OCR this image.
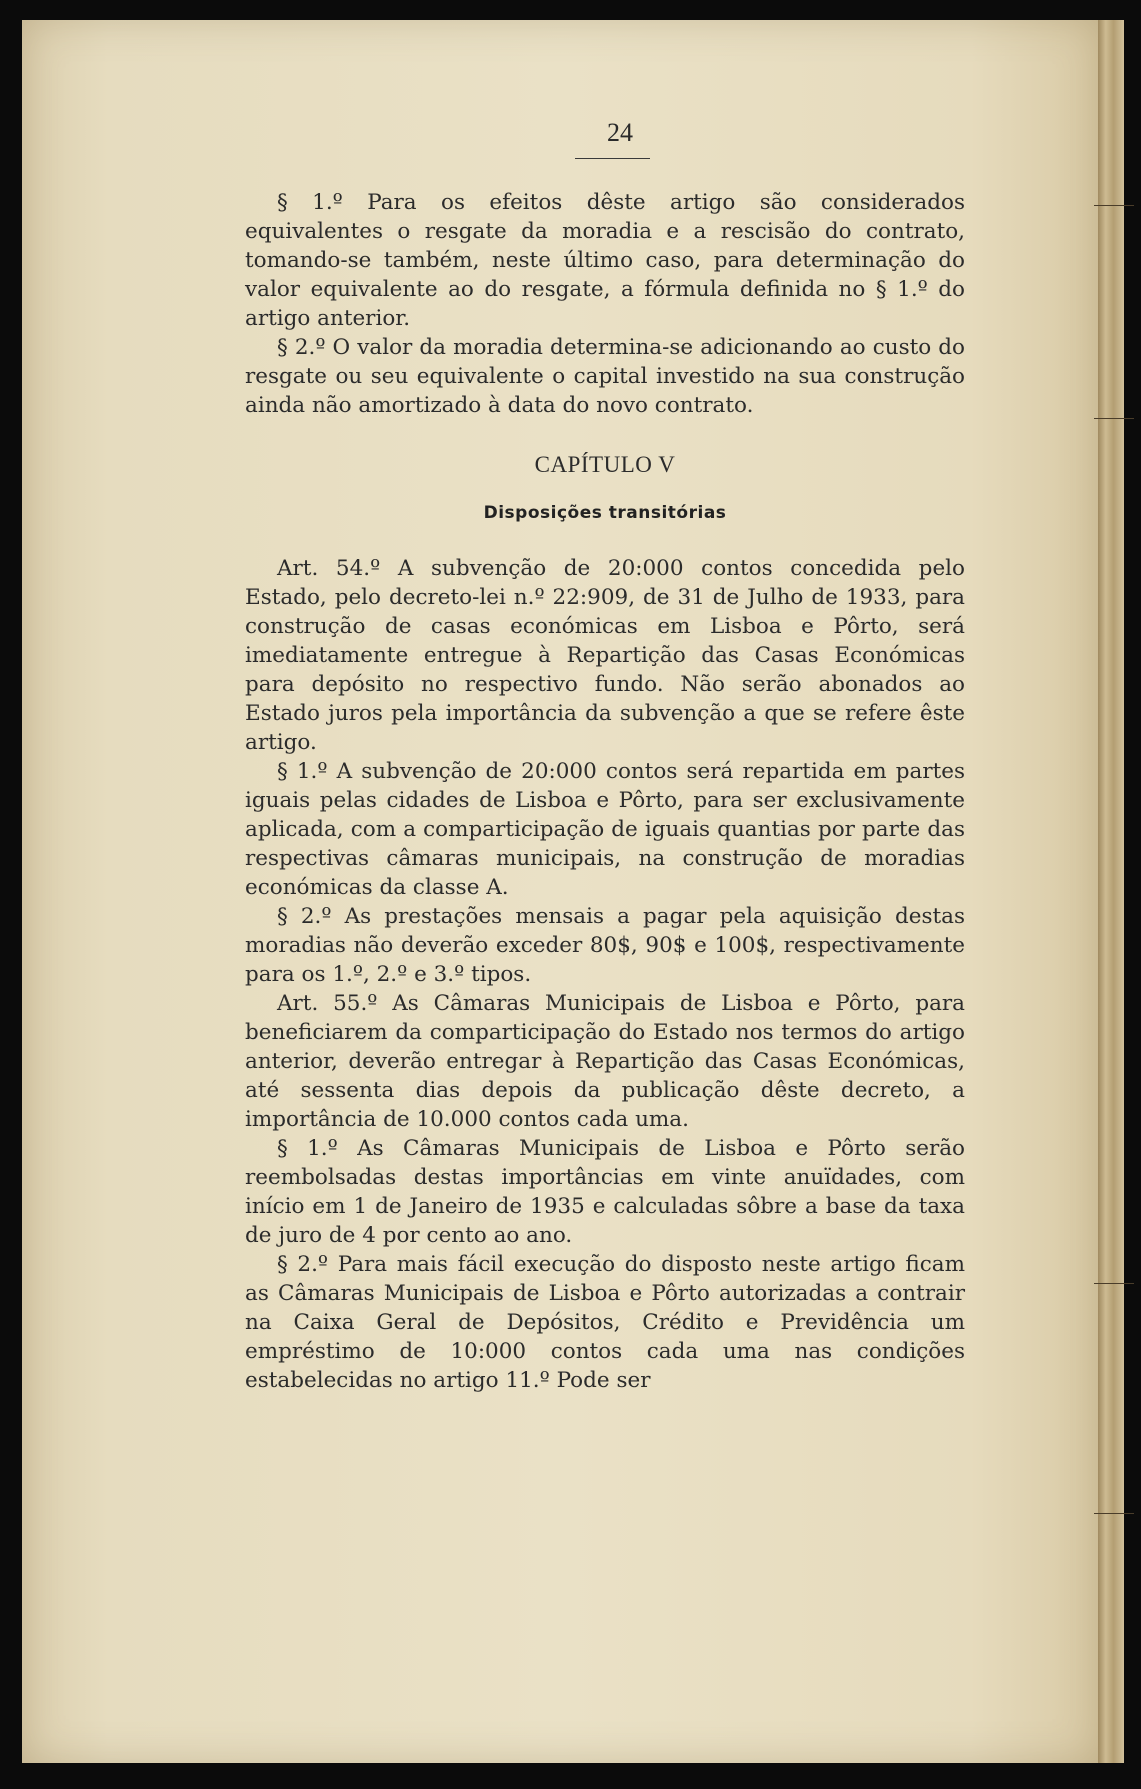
24

§ 1.º Para os efeitos dêste artigo são considerados equivalentes o resgate da moradia e a rescisão do contrato, tomando-se também, neste último caso, para determinação do valor equivalente ao do resgate, a fórmula definida no § 1.º do artigo anterior.

§ 2.º O valor da moradia determina-se adicionando ao custo do resgate ou seu equivalente o capital investido na sua construção ainda não amortizado à data do novo contrato.

CAPÍTULO V
Disposições transitórias

Art. 54.º A subvenção de 20:000 contos concedida pelo Estado, pelo decreto-lei n.º 22:909, de 31 de Julho de 1933, para construção de casas económicas em Lisboa e Pôrto, será imediatamente entregue à Repartição das Casas Económicas para depósito no respectivo fundo. Não serão abonados ao Estado juros pela importância da subvenção a que se refere êste artigo.

§ 1.º A subvenção de 20:000 contos será repartida em partes iguais pelas cidades de Lisboa e Pôrto, para ser exclusivamente aplicada, com a comparticipação de iguais quantias por parte das respectivas câmaras municipais, na construção de moradias económicas da classe A.

§ 2.º As prestações mensais a pagar pela aquisição destas moradias não deverão exceder 80$, 90$ e 100$, respectivamente para os 1.º, 2.º e 3.º tipos.

Art. 55.º As Câmaras Municipais de Lisboa e Pôrto, para beneficiarem da comparticipação do Estado nos termos do artigo anterior, deverão entregar à Repartição das Casas Económicas, até sessenta dias depois da publicação dêste decreto, a importância de 10.000 contos cada uma.

§ 1.º As Câmaras Municipais de Lisboa e Pôrto serão reembolsadas destas importâncias em vinte anuïdades, com início em 1 de Janeiro de 1935 e calculadas sôbre a base da taxa de juro de 4 por cento ao ano.

§ 2.º Para mais fácil execução do disposto neste artigo ficam as Câmaras Municipais de Lisboa e Pôrto autorizadas a contrair na Caixa Geral de Depósitos, Crédito e Previdência um empréstimo de 10:000 contos cada uma nas condições estabelecidas no artigo 11.º Pode ser
